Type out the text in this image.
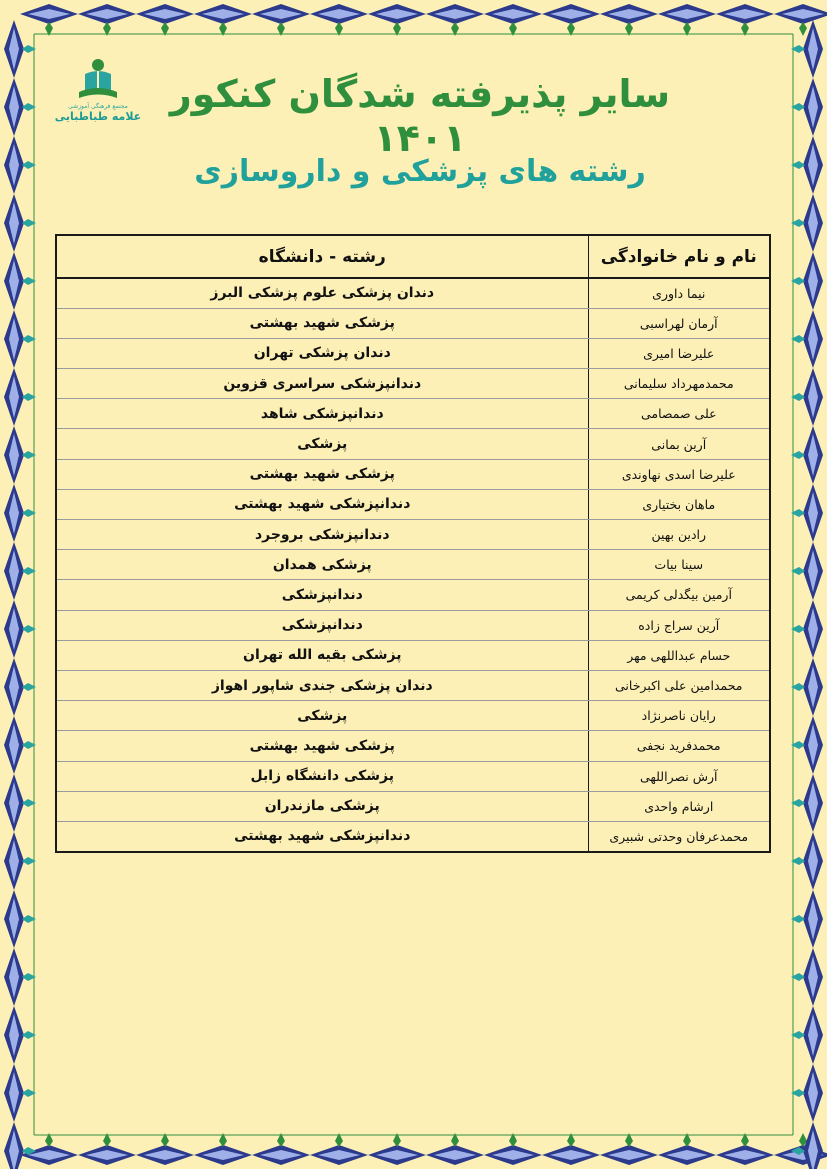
مجتمع فرهنگی آموزشی
علامه طباطبایی
سایر پذیرفته شدگان کنکور ۱۴۰۱
رشته های پزشکی و داروسازی
نام و نام خانوادگی	رشته - دانشگاه
نیما داوری	دندان پزشکی علوم پزشکی البرز
آرمان لهراسبی	پزشکی شهید بهشتی
علیرضا امیری	دندان پزشکی تهران
محمدمهرداد سلیمانی	دندانپزشکی سراسری قزوین
علی صمصامی	دندانپزشکی شاهد
آرین بمانی	پزشکی
علیرضا اسدی نهاوندی	پزشکی شهید بهشتی
ماهان بختیاری	دندانپزشکی شهید بهشتی
رادین بهین	دندانپزشکی بروجرد
سینا بیات	پزشکی همدان
آرمین بیگدلی کریمی	دندانپزشکی
آرین سراج زاده	دندانپزشکی
حسام عبداللهی مهر	پزشکی بقیه الله تهران
محمدامین علی اکبرخانی	دندان پزشکی جندی شاپور اهواز
رایان ناصرنژاد	پزشکی
محمدفرید نجفی	پزشکی شهید بهشتی
آرش نصراللهی	پزشکی دانشگاه زابل
ارشام واحدی	پزشکی مازندران
محمدعرفان وحدتی شبیری	دندانپزشکی شهید بهشتی
